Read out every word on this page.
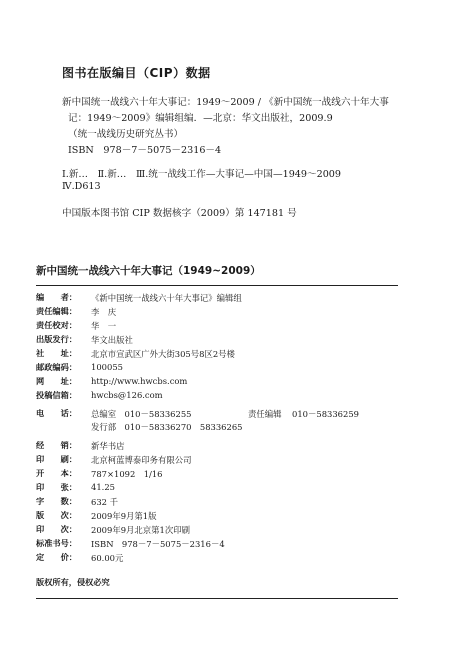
图书在版编目（CIP）数据
新中国统一战线六十年大事记：1949～2009 / 《新中国统一战线六十年大事
记：1949～2009》编辑组编．—北京：华文出版社，2009.9
（统一战线历史研究丛书）
ISBN　978－7－5075－2316－4
Ⅰ.新…　Ⅱ.新…　Ⅲ.统一战线工作—大事记—中国—1949～2009
Ⅳ.D613
中国版本图书馆 CIP 数据核字（2009）第 147181 号
新中国统一战线六十年大事记（1949~2009）
编　　者：	《新中国统一战线六十年大事记》编辑组
责任编辑：	李　庆
责任校对：	华　一
出版发行：	华文出版社
社　　址：	北京市宣武区广外大街305号8区2号楼
邮政编码：	100055
网　　址：	http://www.hwcbs.com
投稿信箱：	hwcbs@126.com
电　　话：	总编室　010－58336255	责任编辑 010－58336259
发行部　010－58336270　58336265
经　　销：	新华书店
印　　刷：	北京柯蓝博泰印务有限公司
开　　本：	787×1092　1/16
印　　张：	41.25
字　　数：	632 千
版　　次：	2009年9月第1版
印　　次：	2009年9月北京第1次印刷
标准书号：	ISBN　978－7－5075－2316－4
定　　价：	60.00元
版权所有，侵权必究
